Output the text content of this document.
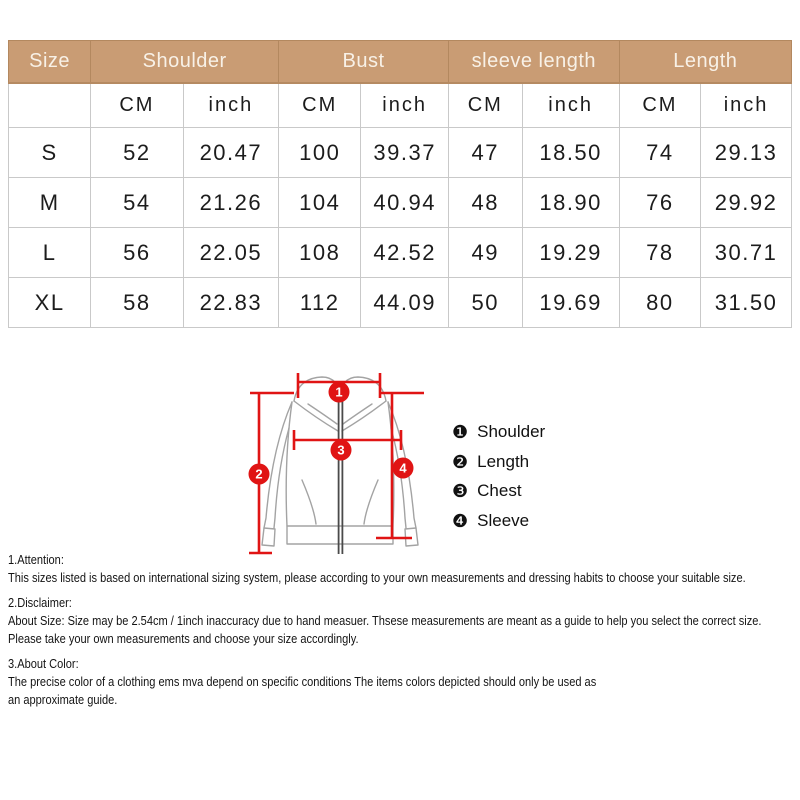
Size	Shoulder		Bust		sleeve length		Length	
	CM	inch	CM	inch	CM	inch	CM	inch
S	52	20.47	100	39.37	47	18.50	74	29.13
M	54	21.26	104	40.94	48	18.90	76	29.92
L	56	22.05	108	42.52	49	19.29	78	30.71
XL	58	22.83	112	44.09	50	19.69	80	31.50
1
2
3
4
❶ Shoulder
❷ Length
❸ Chest
❹ Sleeve
1.Attention:
This sizes listed is based on international sizing system, please according to your own measurements and dressing habits to choose your suitable size.
2.Disclaimer:
About Size: Size may be 2.54cm / 1inch inaccuracy due to hand measuer. Thsese measurements are meant as a guide to help you select the correct size.
Please take your own measurements and choose your size accordingly.
3.About Color:
The precise color of a clothing ems mva depend on specific conditions The items colors depicted should only be used as
an approximate guide.
